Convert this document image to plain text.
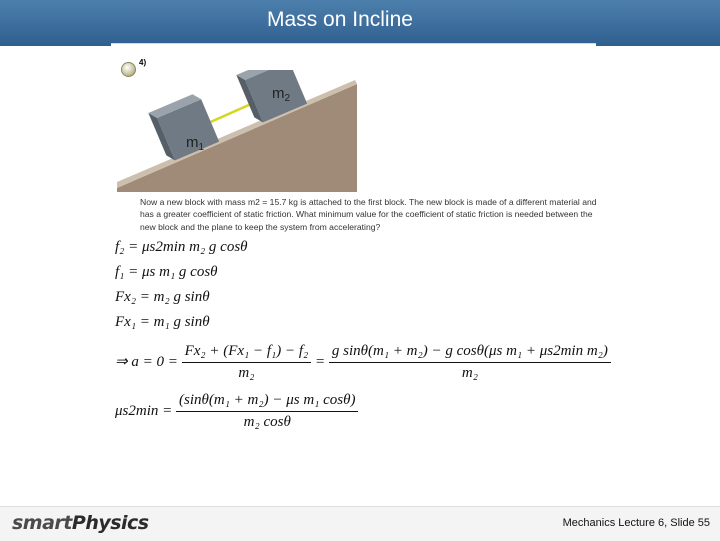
Mass on Incline
4)
$m_1$
$m_2$
Now a new block with mass m2 = 15.7 kg is attached to the first block. The new block is made of a different material and has a greater coefficient of static friction. What minimum value for the coefficient of static friction is needed between the new block and the plane to keep the system from accelerating?
f₂ = μs2min m₂ g cosθ
f₁ = μs m₁ g cosθ
Fx₂ = m₂ g sinθ
Fx₁ = m₁ g sinθ
⇒ $a = 0 = \frac{\text{Fx₂ + (Fx₁ − f₁) − f₂}}{\text{m₂}} = \frac{\text{g sinθ(m₁ + m₂) − g cosθ(μs m₁ + μs2min m₂)}}{\text{m₂}}$
$\mu s2\min = \frac{\text{(sinθ(m₁ + m₂) − μs m₁ cosθ)}}{\text{m₂ cosθ}}$
smartPhysics	Mechanics Lecture 6, Slide 55
